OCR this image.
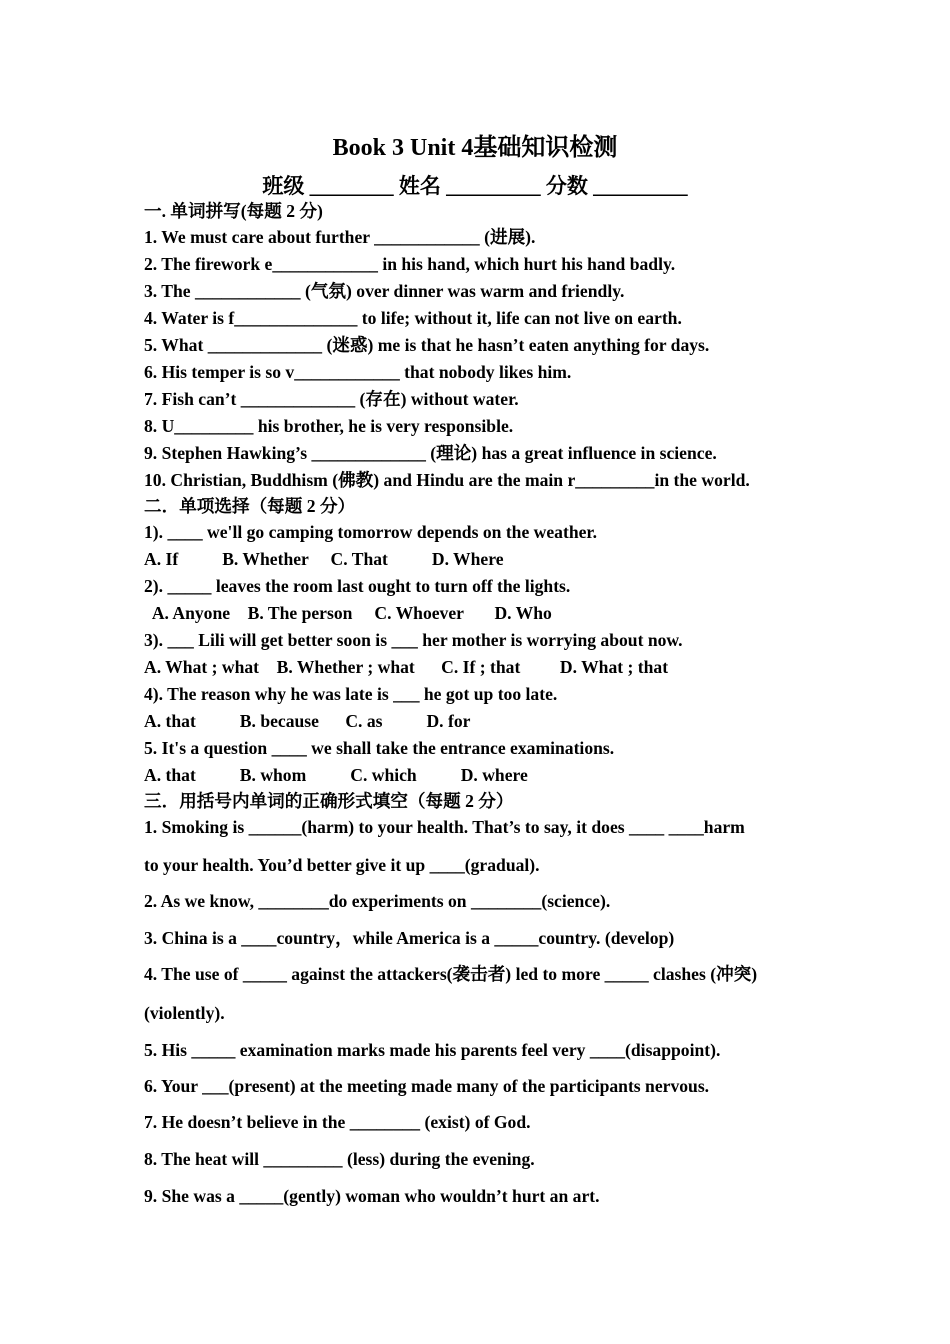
Book 3 Unit 4基础知识检测
班级 ________ 姓名 _________ 分数 _________
一. 单词拼写(每题 2 分)
1. We must care about further ____________ (进展).
2. The firework e____________ in his hand, which hurt his hand badly.
3. The ____________ (气氛) over dinner was warm and friendly.
4. Water is f______________ to life; without it, life can not live on earth.
5. What _____________ (迷惑) me is that he hasn’t eaten anything for days.
6. His temper is so v____________ that nobody likes him.
7. Fish can’t _____________ (存在) without water.
8. U_________ his brother, he is very responsible.
9. Stephen Hawking’s _____________ (理论) has a great influence in science.
10. Christian, Buddhism (佛教) and Hindu are the main r_________in the world.
二．单项选择（每题 2 分）
1). ____ we'll go camping tomorrow depends on the weather.
A. If          B. Whether     C. That          D. Where
2). _____ leaves the room last ought to turn off the lights.
A. Anyone    B. The person     C. Whoever       D. Who
3). ___ Lili will get better soon is ___ her mother is worrying about now.
A. What ; what    B. Whether ; what      C. If ; that         D. What ; that
4). The reason why he was late is ___ he got up too late.
A. that          B. because      C. as          D. for
5. It's a question ____ we shall take the entrance examinations.
A. that          B. whom          C. which          D. where
三．用括号内单词的正确形式填空（每题 2 分）
1. Smoking is ______(harm) to your health. That’s to say, it does ____ ____harm
to your health. You’d better give it up ____(gradual).
2. As we know, ________do experiments on ________(science).
3. China is a ____country，while America is a _____country. (develop)
4. The use of _____ against the attackers(袭击者) led to more _____ clashes (冲突)
(violently).
5. His _____ examination marks made his parents feel very ____(disappoint).
6. Your ___(present) at the meeting made many of the participants nervous.
7. He doesn’t believe in the ________ (exist) of God.
8. The heat will _________ (less) during the evening.
9. She was a _____(gently) woman who wouldn’t hurt an art.
